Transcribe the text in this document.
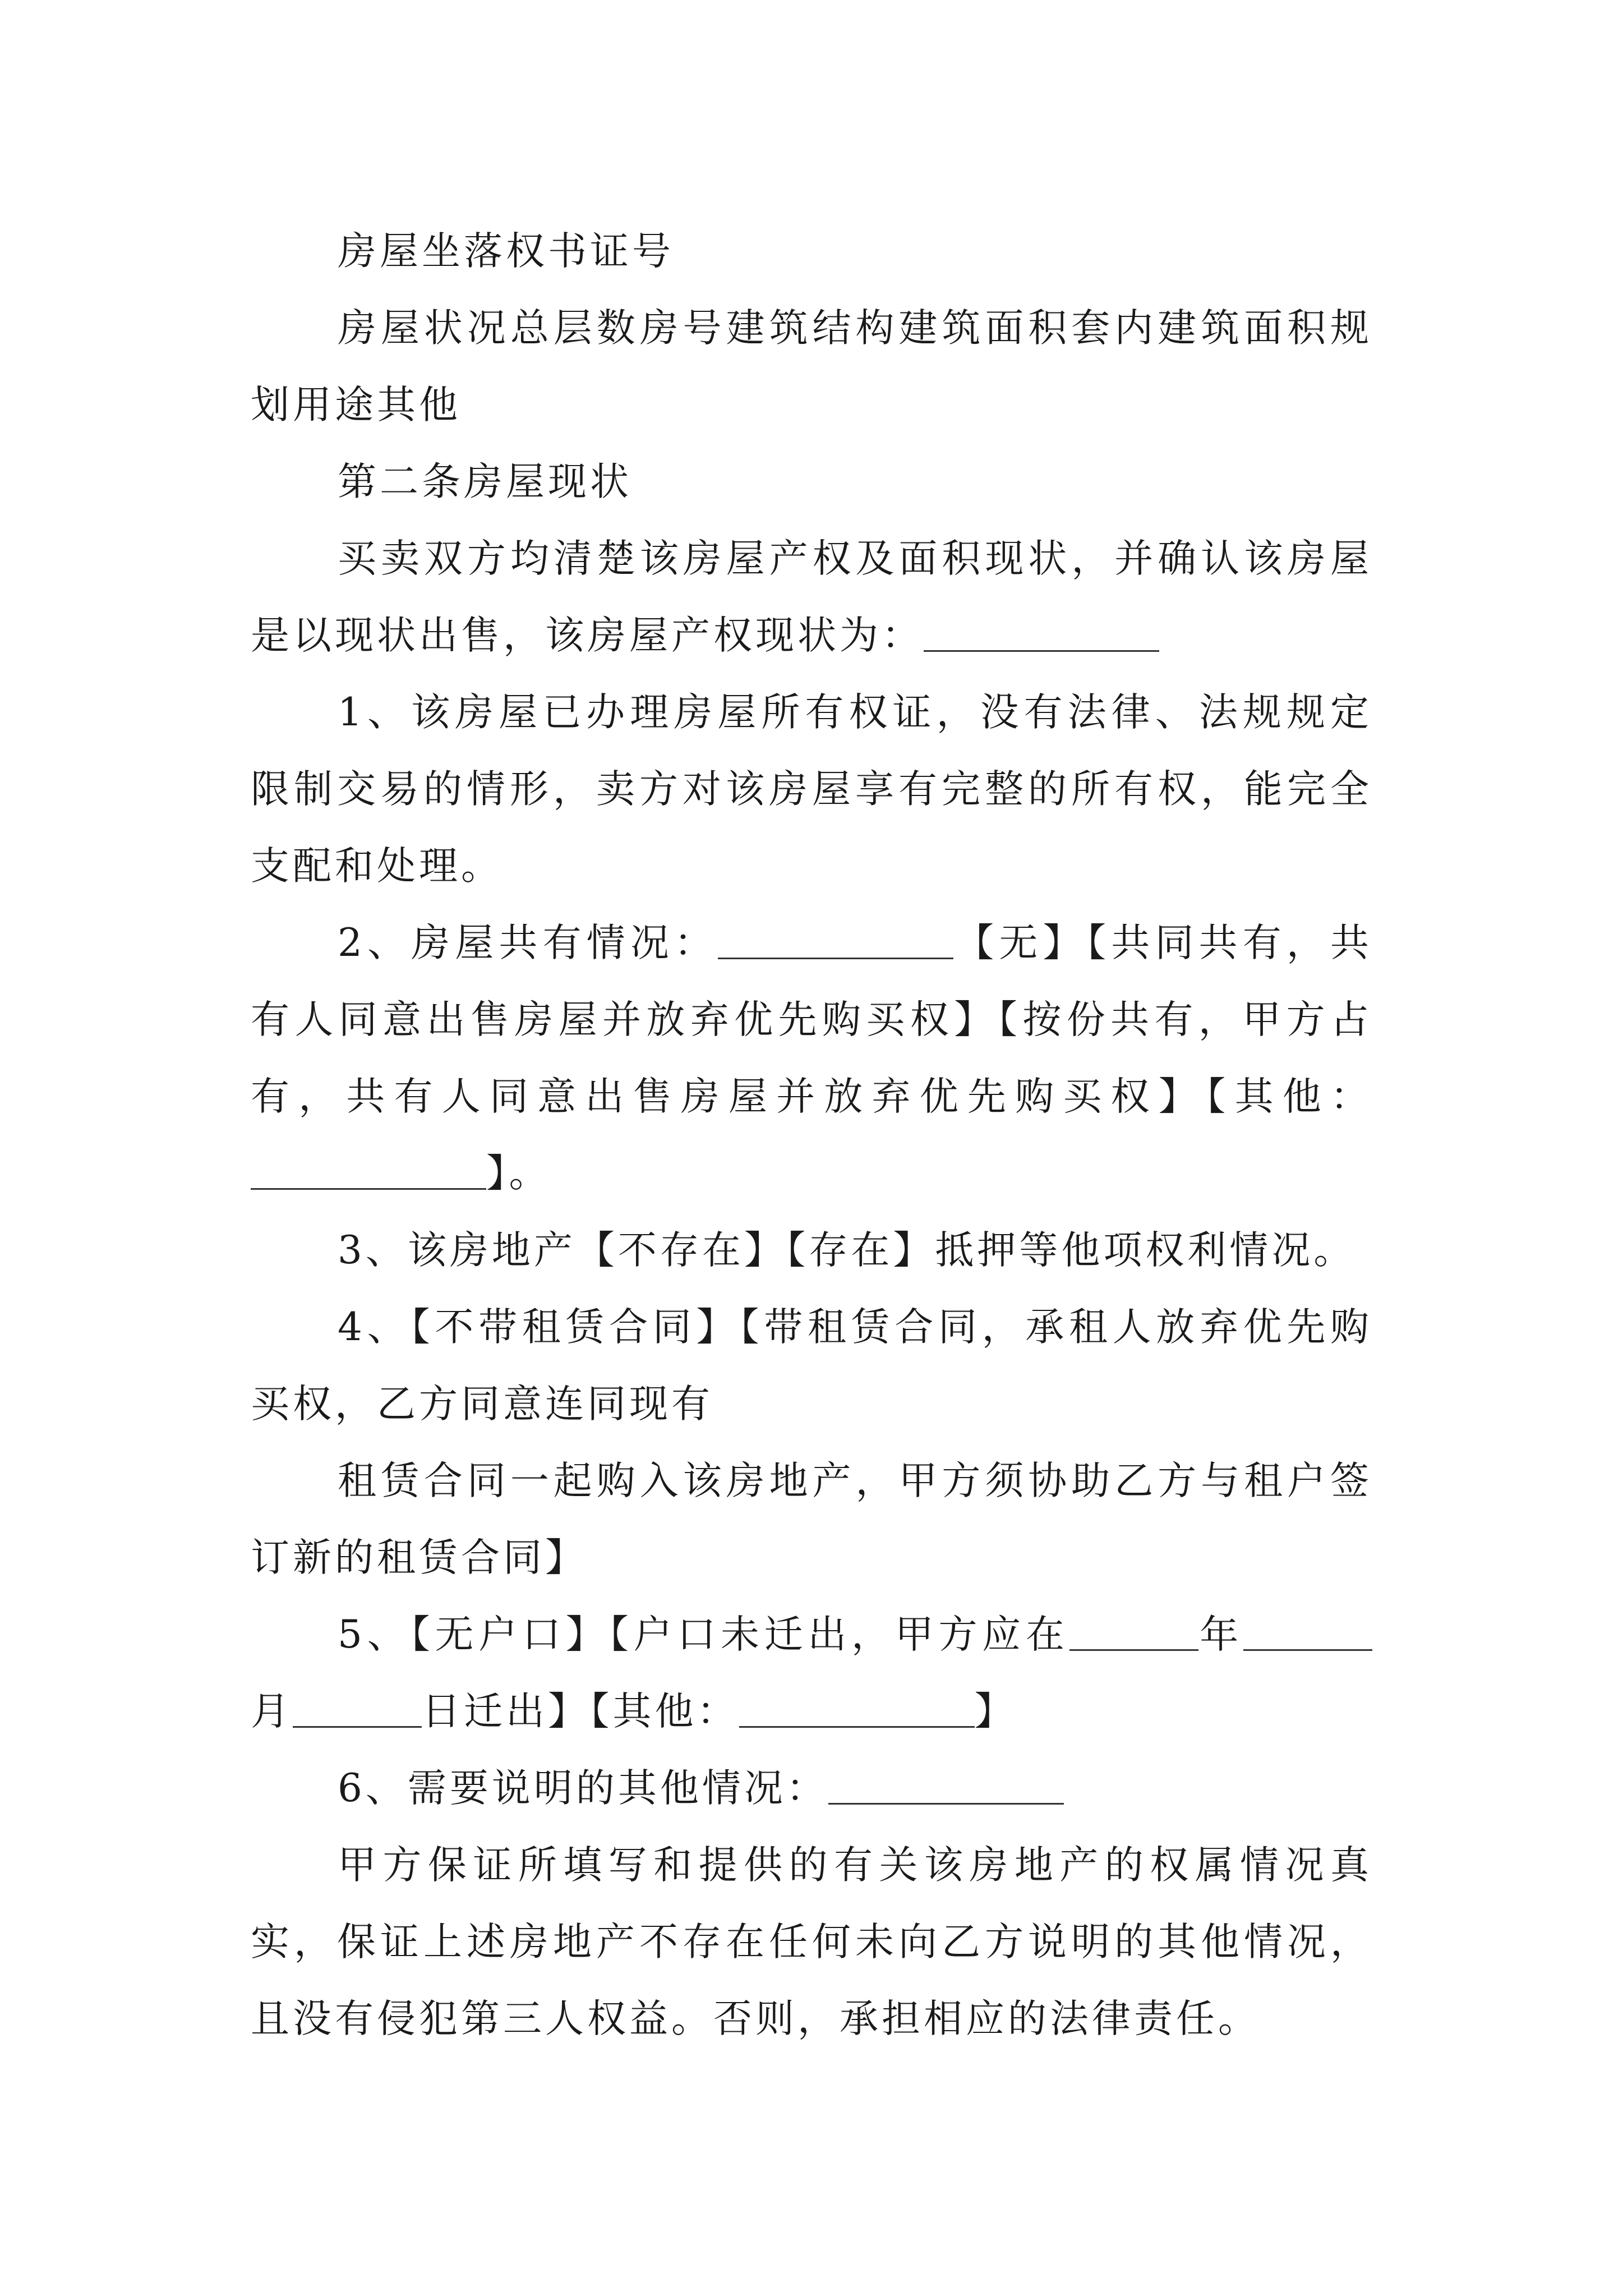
房屋坐落权书证号

房屋状况总层数房号建筑结构建筑面积套内建筑面积规划用途其他

第二条房屋现状

买卖双方均清楚该房屋产权及面积现状，并确认该房屋是以现状出售，该房屋产权现状为：

1、该房屋已办理房屋所有权证，没有法律、法规规定限制交易的情形，卖方对该房屋享有完整的所有权，能完全支配和处理。

2、房屋共有情况：	【无】【共同共有，共有人同意出售房屋并放弃优先购买权】【按份共有，甲方占有，共有人同意出售房屋并放弃优先购买权】【其他：】。

3、该房地产【不存在】【存在】抵押等他项权利情况。

4、【不带租赁合同】【带租赁合同，承租人放弃优先购买权，乙方同意连同现有

租赁合同一起购入该房地产，甲方须协助乙方与租户签订新的租赁合同】

5、【无户口】【户口未迁出，甲方应在	年月	日迁出】【其他：	】

6、需要说明的其他情况：

甲方保证所填写和提供的有关该房地产的权属情况真实，保证上述房地产不存在任何未向乙方说明的其他情况，且没有侵犯第三人权益。否则，承担相应的法律责任。
